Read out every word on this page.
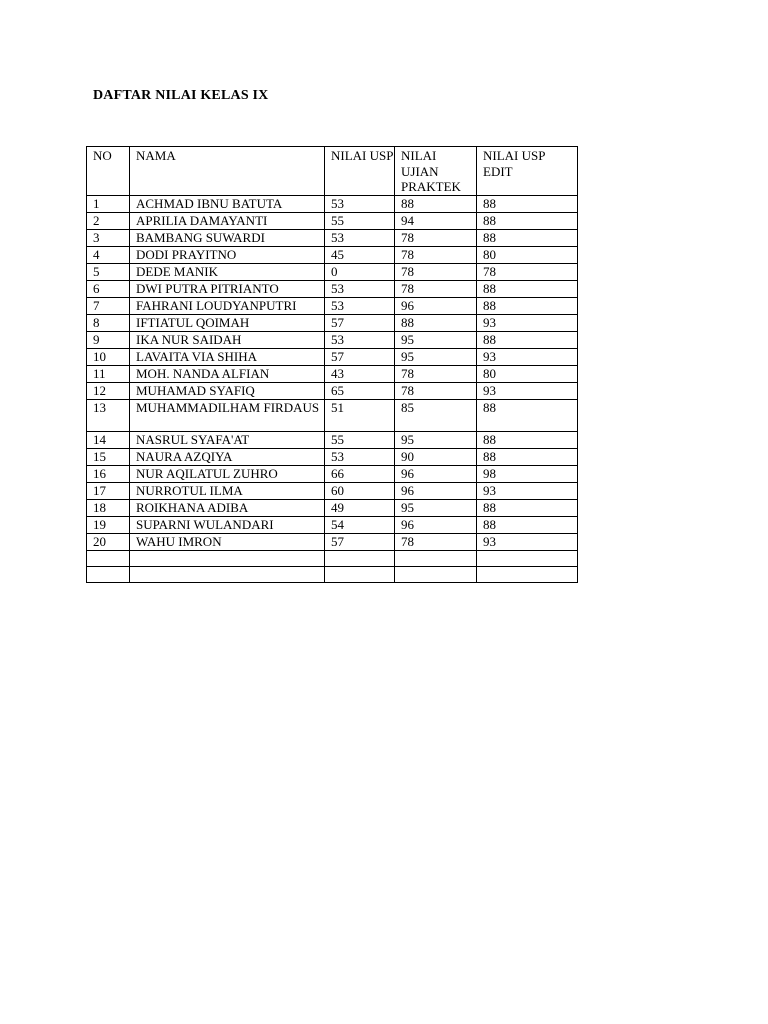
DAFTAR NILAI KELAS IX
NO	NAMA	NILAI USP	NILAI UJIAN PRAKTEK	NILAI USP EDIT
1	ACHMAD IBNU BATUTA	53	88	88
2	APRILIA DAMAYANTI	55	94	88
3	BAMBANG SUWARDI	53	78	88
4	DODI PRAYITNO	45	78	80
5	DEDE MANIK	0	78	78
6	DWI PUTRA PITRIANTO	53	78	88
7	FAHRANI LOUDYANPUTRI	53	96	88
8	IFTIATUL QOIMAH	57	88	93
9	IKA NUR SAIDAH	53	95	88
10	LAVAITA VIA SHIHA	57	95	93
11	MOH. NANDA ALFIAN	43	78	80
12	MUHAMAD SYAFIQ	65	78	93
13	MUHAMMADILHAM FIRDAUS	51	85	88
14	NASRUL SYAFA'AT	55	95	88
15	NAURA AZQIYA	53	90	88
16	NUR AQILATUL ZUHRO	66	96	98
17	NURROTUL ILMA	60	96	93
18	ROIKHANA ADIBA	49	95	88
19	SUPARNI WULANDARI	54	96	88
20	WAHU IMRON	57	78	93
